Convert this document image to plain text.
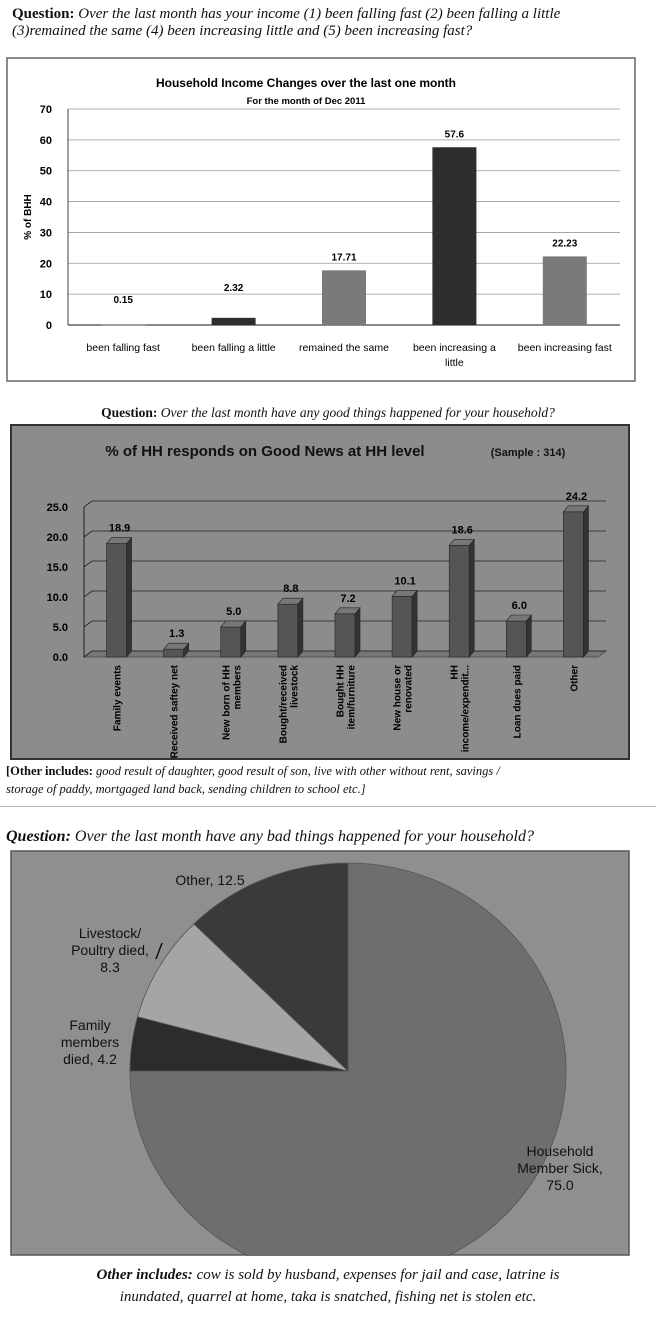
Question: Over the last month has your income (1) been falling fast (2) been falling a little
(3)remained the same (4) been increasing little and (5) been increasing fast?
Household Income Changes over the last one month
For the month of Dec 2011
0
10
20
30
40
50
60
70
% of BHH
0.15
2.32
17.71
57.6
22.23
been falling fast	been falling a little remained the same been increasing a little
been increasing fast
Question: Over the last month have any good things happened for your household?
% of HH responds on Good News at HH level	(Sample : 314)
0.0
5.0
10.0
15.0
20.0
25.0
18.9
1.3
5.0
8.8
7.2
10.1
18.6
6.0
24.2
Family events	Received saftey net	New born of HHmembers	Bought/receivedlivestock	Bought HHitem/furniture	New house orrenovated	HHincome/expendit...	Loan dues paid	Other
[Other includes: good result of daughter, good result of son, live with other without rent, savings /
storage of paddy, mortgaged land back, sending children to school etc.]
Question: Over the last month have any bad things happened for your household?
Household Member Sick, 75.0
Other, 12.5
Livestock/ Poultry died, 8.3
Family members died, 4.2
Other includes: cow is sold by husband, expenses for jail and case, latrine is
inundated, quarrel at home, taka is snatched, fishing net is stolen etc.
